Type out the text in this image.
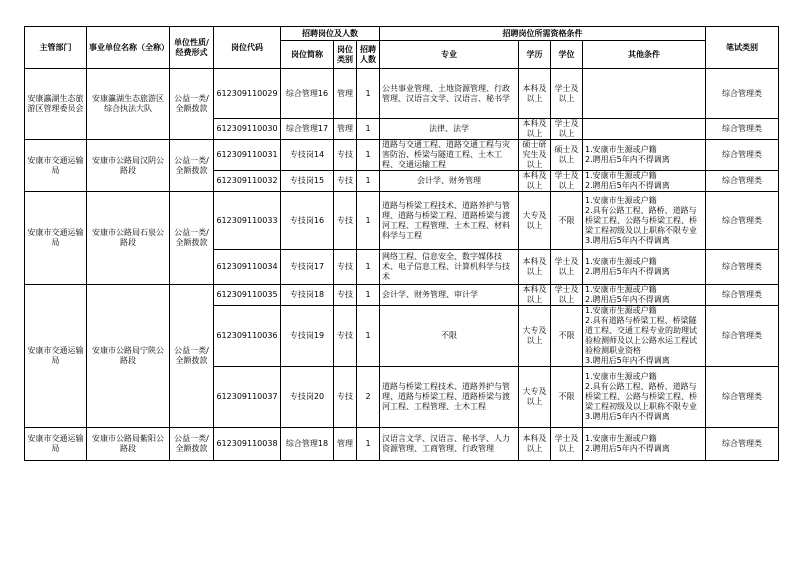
主管部门	事业单位名称（全称）	单位性质/经费形式	岗位代码	招聘岗位及人数			招聘岗位所需资格条件				笔试类别
				岗位简称	岗位类别	招聘人数	专业	学历	学位	其他条件	
安康瀛湖生态旅游区管理委员会	安康瀛湖生态旅游区综合执法大队	公益一类/全额拨款	612309110029	综合管理16	管理	1	公共事业管理、土地资源管理、行政管理、汉语言文学、汉语言、秘书学	本科及以上	学士及以上		综合管理类
			612309110030	综合管理17	管理	1	法律、法学	本科及以上	学士及以上		综合管理类
安康市交通运输局	安康市公路局汉阴公路段	公益一类/全额拨款	612309110031	专技岗14	专技	1	道路与交通工程、道路交通工程与灾害防治、桥梁与隧道工程、土木工程、交通运输工程	硕士研究生及以上	硕士及以上	1.安康市生源或户籍
2.聘用后5年内不得调离	综合管理类
			612309110032	专技岗15	专技	1	会计学、财务管理	本科及以上	学士及以上	1.安康市生源或户籍
2.聘用后5年内不得调离	综合管理类
安康市交通运输局	安康市公路局石泉公路段	公益一类/全额拨款	612309110033	专技岗16	专技	1	道路与桥梁工程技术、道路养护与管理、道路与桥梁工程、道路桥梁与渡河工程、工程管理、土木工程、材料科学与工程	大专及以上	不限	1.安康市生源或户籍
2.具有公路工程、路桥、道路与桥梁工程、公路与桥梁工程、桥梁工程初级及以上职称不限专业
3.聘用后5年内不得调离	综合管理类
			612309110034	专技岗17	专技	1	网络工程、信息安全、数字媒体技术、电子信息工程、计算机科学与技术	本科及以上	学士及以上	1.安康市生源或户籍
2.聘用后5年内不得调离	综合管理类
安康市交通运输局	安康市公路局宁陕公路段	公益一类/全额拨款	612309110035	专技岗18	专技	1	会计学、财务管理、审计学	本科及以上	学士及以上	1.安康市生源或户籍
2.聘用后5年内不得调离	综合管理类
			612309110036	专技岗19	专技	1	不限	大专及以上	不限	1.安康市生源或户籍
2.具有道路与桥梁工程、桥梁隧道工程、交通工程专业的助理试验检测师及以上公路水运工程试验检测职业资格
3.聘用后5年内不得调离	综合管理类
			612309110037	专技岗20	专技	2	道路与桥梁工程技术、道路养护与管理、道路与桥梁工程、道路桥梁与渡河工程、工程管理、土木工程	大专及以上	不限	1.安康市生源或户籍
2.具有公路工程、路桥、道路与桥梁工程、公路与桥梁工程、桥梁工程初级及以上职称不限专业
3.聘用后5年内不得调离	综合管理类
安康市交通运输局	安康市公路局紫阳公路段	公益一类/全额拨款	612309110038	综合管理18	管理	1	汉语言文学、汉语言、秘书学、人力资源管理、工商管理、行政管理	本科及以上	学士及以上	1.安康市生源或户籍
2.聘用后5年内不得调离	综合管理类
